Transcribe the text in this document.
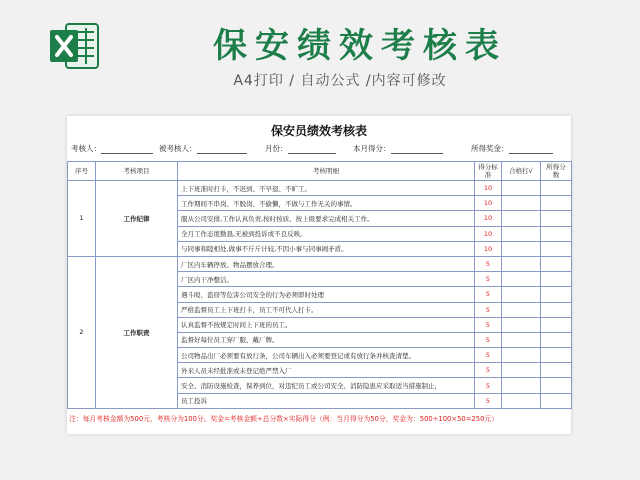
保安绩效考核表
A4打印 / 自动公式 /内容可修改
保安员绩效考核表
考核人：	被考核人：	月份：	本月得分：	所得奖金：
序号	考核项目	考核明细	得分标准	合格打√	所得分数
1	工作纪律	上下班准时打卡，不迟到、不早退、不旷工。	10		
		工作期间不串岗、不脱岗、不偷懒，不做与工作无关的事情。	10		
		服从公司安排,工作认真负责,按时按质、按上级要求完成相关工作。	10		
		全月工作态度勤恳,无被到投诉或不良反映。	10		
		与同事和睦相处,做事不斤斤计较,不因小事与同事闹矛盾。	10		
2	工作职责	厂区内车辆停放、物品摆放合理。	5		
		厂区内干净整洁。	5		
		遇斗殴、盗窃等危害公司安全的行为必须即时处理	5		
		严格监督员工上下班打卡，员工不可代人打卡。	5		
		认真监督不按规定时间上下班的员工。	5		
		监督好每位员工穿厂服、戴厂牌。	5		
		公司物品出厂必须要有放行条，公司车辆出入必须要登记或有放行条并核查清楚。	5		
		外来人员未经批准或未登记绝严禁入厂	5		
		安全、消防设施检查，保养到位，对违纪员工或公司安全、消防隐患应采取适当措施制止，	5		
		员工投诉	5		
注：每月考核金额为500元，考核分为100分。奖金=考核金额÷总分数×实际得分（例：当月得分为50分，奖金为：500÷100×50=250元）
